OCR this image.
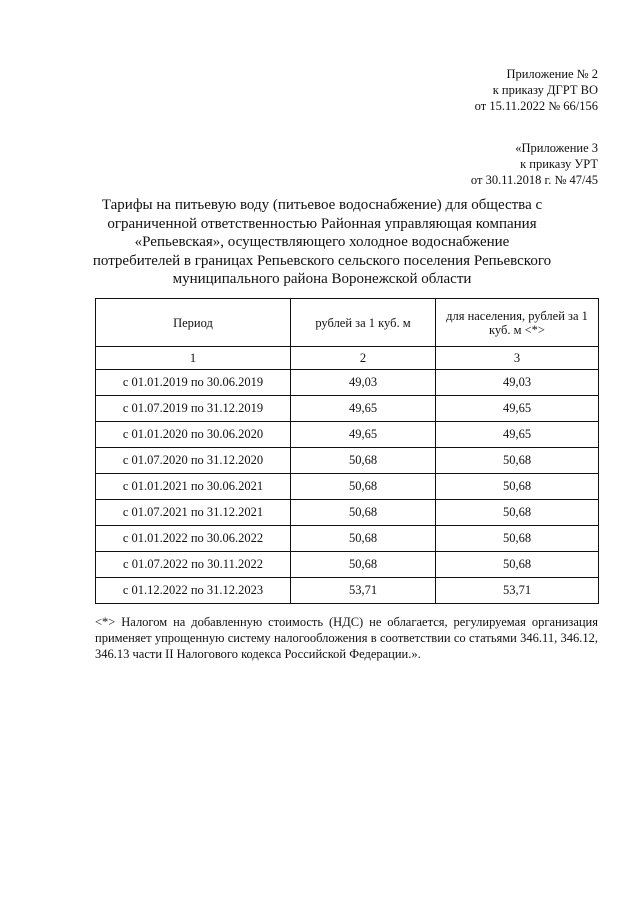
Приложение № 2
к приказу ДГРТ ВО
от 15.11.2022 № 66/156
«Приложение 3
к приказу УРТ
от 30.11.2018 г. № 47/45
Тарифы на питьевую воду (питьевое водоснабжение) для общества с ограниченной ответственностью Районная управляющая компания «Репьевская», осуществляющего холодное водоснабжение потребителей в границах Репьевского сельского поселения Репьевского муниципального района Воронежской области
Период	рублей за 1 куб. м	для населения, рублей за 1 куб. м <*>
1	2	3
с 01.01.2019 по 30.06.2019	49,03	49,03
с 01.07.2019 по 31.12.2019	49,65	49,65
с 01.01.2020 по 30.06.2020	49,65	49,65
с 01.07.2020 по 31.12.2020	50,68	50,68
с 01.01.2021 по 30.06.2021	50,68	50,68
с 01.07.2021 по 31.12.2021	50,68	50,68
с 01.01.2022 по 30.06.2022	50,68	50,68
с 01.07.2022 по 30.11.2022	50,68	50,68
с 01.12.2022 по 31.12.2023	53,71	53,71

<*> Налогом на добавленную стоимость (НДС) не облагается, регулируемая организация применяет упрощенную систему налогообложения в соответствии со статьями 346.11, 346.12, 346.13 части II Налогового кодекса Российской Федерации.».
